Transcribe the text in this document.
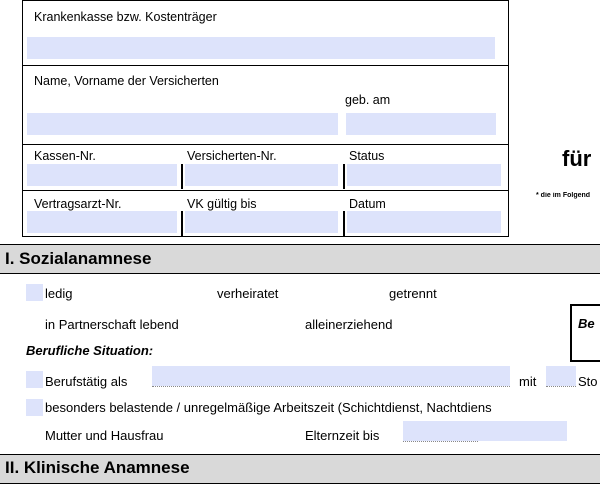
Krankenkasse bzw. Kostenträger
Name, Vorname der Versicherten
geb. am
Kassen-Nr.	Versicherten-Nr.	Status
Vertragsarzt-Nr.	VK gültig bis	Datum
für
* die im Folgend
I. Sozialanamnese
ledig	verheiratet	getrennt
in Partnerschaft lebend	alleinerziehend	Be
Berufliche Situation:
Berufstätig als	mit	Sto
besonders belastende / unregelmäßige Arbeitszeit (Schichtdienst, Nachtdiens
Mutter und Hausfrau	Elternzeit bis
II. Klinische Anamnese
